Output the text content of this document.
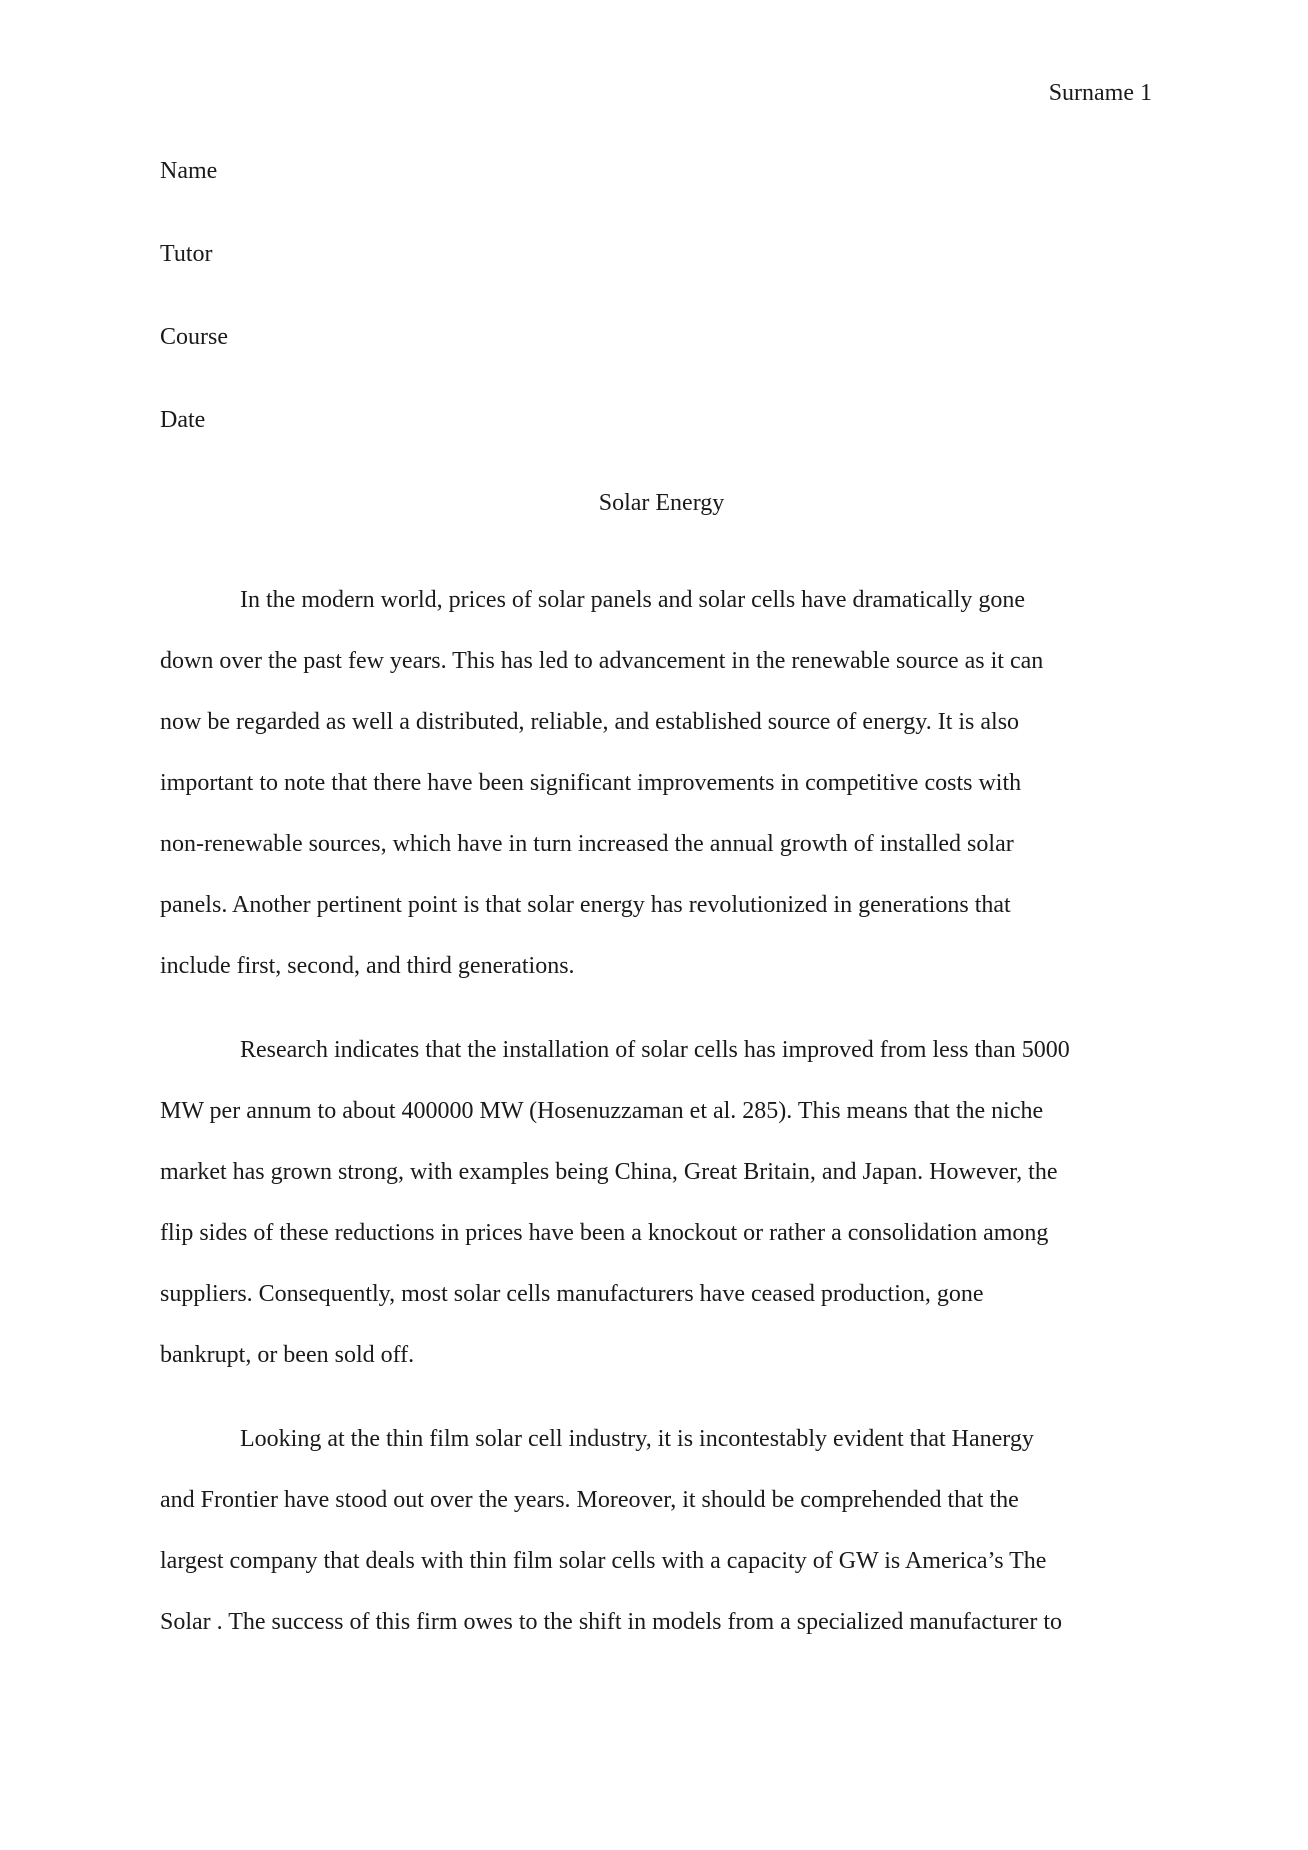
Surname 1
Name
Tutor
Course
Date
Solar Energy

In the modern world, prices of solar panels and solar cells have dramatically gone
down over the past few years. This has led to advancement in the renewable source as it can
now be regarded as well a distributed, reliable, and established source of energy. It is also
important to note that there have been significant improvements in competitive costs with
non-renewable sources, which have in turn increased the annual growth of installed solar
panels. Another pertinent point is that solar energy has revolutionized in generations that
include first, second, and third generations.

Research indicates that the installation of solar cells has improved from less than 5000
MW per annum to about 400000 MW (Hosenuzzaman et al. 285). This means that the niche
market has grown strong, with examples being China, Great Britain, and Japan. However, the
flip sides of these reductions in prices have been a knockout or rather a consolidation among
suppliers. Consequently, most solar cells manufacturers have ceased production, gone
bankrupt, or been sold off.

Looking at the thin film solar cell industry, it is incontestably evident that Hanergy
and Frontier have stood out over the years. Moreover, it should be comprehended that the
largest company that deals with thin film solar cells with a capacity of GW is America’s The
Solar . The success of this firm owes to the shift in models from a specialized manufacturer to
